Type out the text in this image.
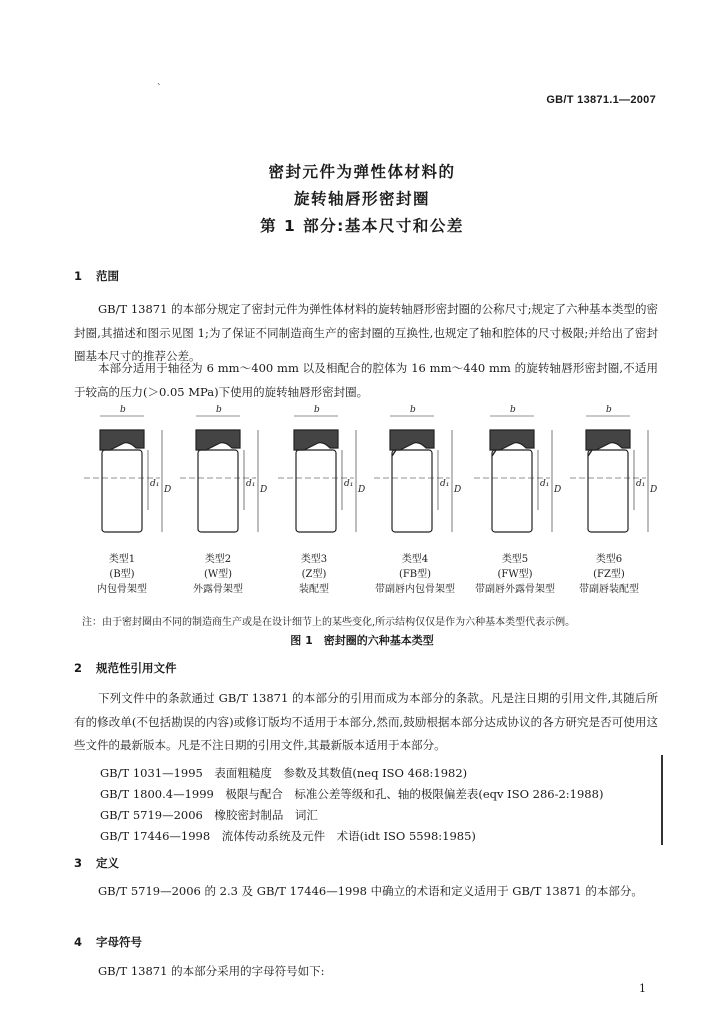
`
GB/T 13871.1—2007
密封元件为弹性体材料的
旋转轴唇形密封圈
第 1 部分:基本尺寸和公差
1 范围

GB/T 13871 的本部分规定了密封元件为弹性体材料的旋转轴唇形密封圈的公称尺寸;规定了六种基本类型的密封圈,其描述和图示见图 1;为了保证不同制造商生产的密封圈的互换性,也规定了轴和腔体的尺寸极限;并给出了密封圈基本尺寸的推荐公差。

本部分适用于轴径为 6 mm～400 mm 以及相配合的腔体为 16 mm～440 mm 的旋转轴唇形密封圈,不适用于较高的压力(＞0.05 MPa)下使用的旋转轴唇形密封圈。

b
d₁
D
b
d₁
D
b
d₁
D
b
d₁
D
b
d₁
D
b
d₁
D
类型1
(B型)
内包骨架型
类型2
(W型)
外露骨架型
类型3
(Z型)
装配型
类型4
(FB型)
带副唇内包骨架型
类型5
(FW型)
带副唇外露骨架型
类型6
(FZ型)
带副唇装配型
注：由于密封圈由不同的制造商生产或是在设计细节上的某些变化,所示结构仅仅是作为六种基本类型代表示例。
图 1　密封圈的六种基本类型
2 规范性引用文件

下列文件中的条款通过 GB/T 13871 的本部分的引用而成为本部分的条款。凡是注日期的引用文件,其随后所有的修改单(不包括勘误的内容)或修订版均不适用于本部分,然而,鼓励根据本部分达成协议的各方研究是否可使用这些文件的最新版本。凡是不注日期的引用文件,其最新版本适用于本部分。

GB/T 1031—1995　表面粗糙度　参数及其数值(neq ISO 468:1982)
GB/T 1800.4—1999　极限与配合　标准公差等级和孔、轴的极限偏差表(eqv ISO 286-2:1988)
GB/T 5719—2006　橡胶密封制品　词汇
GB/T 17446—1998　流体传动系统及元件　术语(idt ISO 5598:1985)
3 定义

GB/T 5719—2006 的 2.3 及 GB/T 17446—1998 中确立的术语和定义适用于 GB/T 13871 的本部分。

4 字母符号

GB/T 13871 的本部分采用的字母符号如下:

1
